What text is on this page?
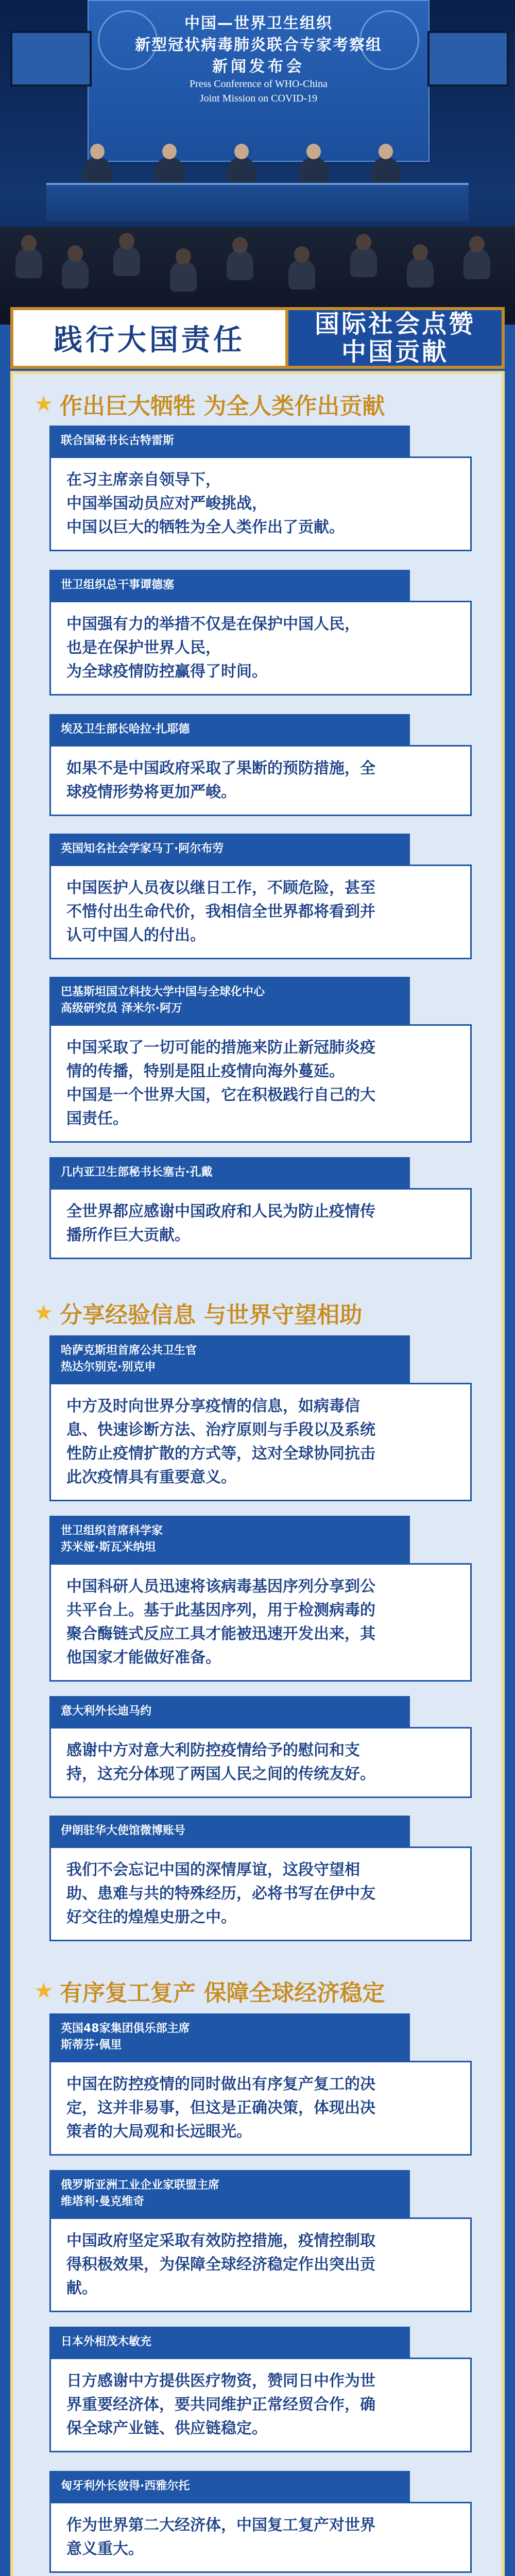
中国—世界卫生组织
新型冠状病毒肺炎联合专家考察组
新闻发布会
Press Conference of WHO-China
Joint Mission on COVID-19
践行大国责任	国际社会点赞
中国贡献
★ 作出巨大牺牲 为全人类作出贡献
联合国秘书长古特雷斯

在习主席亲自领导下，

中国举国动员应对严峻挑战，

中国以巨大的牺牲为全人类作出了贡献。

世卫组织总干事谭德塞

中国强有力的举措不仅是在保护中国人民，

也是在保护世界人民，

为全球疫情防控赢得了时间。

埃及卫生部长哈拉·扎耶德

如果不是中国政府采取了果断的预防措施，全

球疫情形势将更加严峻。

英国知名社会学家马丁·阿尔布劳

中国医护人员夜以继日工作，不顾危险，甚至

不惜付出生命代价，我相信全世界都将看到并

认可中国人的付出。

巴基斯坦国立科技大学中国与全球化中心
高级研究员 泽米尔·阿万

中国采取了一切可能的措施来防止新冠肺炎疫

情的传播，特别是阻止疫情向海外蔓延。

中国是一个世界大国，它在积极践行自己的大

国责任。

几内亚卫生部秘书长塞古·孔戴

全世界都应感谢中国政府和人民为防止疫情传

播所作巨大贡献。

★ 分享经验信息 与世界守望相助
哈萨克斯坦首席公共卫生官
热达尔别克·别克申

中方及时向世界分享疫情的信息，如病毒信

息、快速诊断方法、治疗原则与手段以及系统

性防止疫情扩散的方式等，这对全球协同抗击

此次疫情具有重要意义。

世卫组织首席科学家
苏米娅·斯瓦米纳坦

中国科研人员迅速将该病毒基因序列分享到公

共平台上。基于此基因序列，用于检测病毒的

聚合酶链式反应工具才能被迅速开发出来，其

他国家才能做好准备。

意大利外长迪马约

感谢中方对意大利防控疫情给予的慰问和支

持，这充分体现了两国人民之间的传统友好。

伊朗驻华大使馆微博账号

我们不会忘记中国的深情厚谊，这段守望相

助、患难与共的特殊经历，必将书写在伊中友

好交往的煌煌史册之中。

★ 有序复工复产 保障全球经济稳定
英国48家集团俱乐部主席
斯蒂芬·佩里

中国在防控疫情的同时做出有序复产复工的决

定，这并非易事，但这是正确决策，体现出决

策者的大局观和长远眼光。

俄罗斯亚洲工业企业家联盟主席
维塔利·曼克维奇

中国政府坚定采取有效防控措施，疫情控制取

得积极效果，为保障全球经济稳定作出突出贡

献。

日本外相茂木敏充

日方感谢中方提供医疗物资，赞同日中作为世

界重要经济体，要共同维护正常经贸合作，确

保全球产业链、供应链稳定。

匈牙利外长彼得·西雅尔托

作为世界第二大经济体，中国复工复产对世界

意义重大。
